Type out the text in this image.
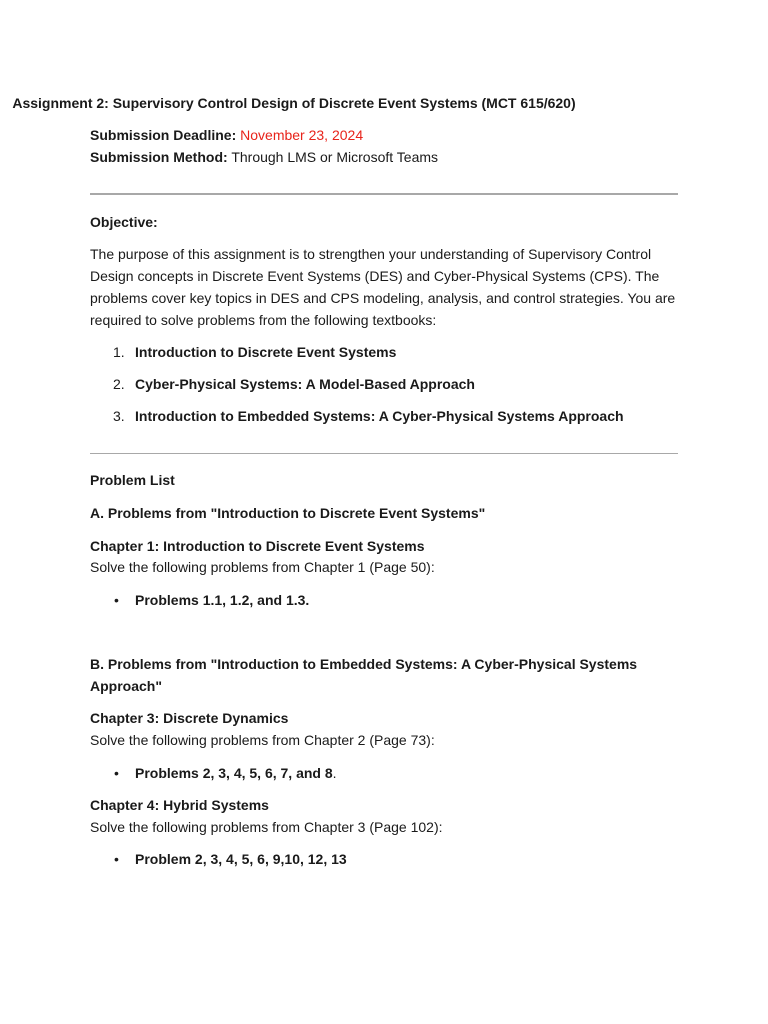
Assignment 2: Supervisory Control Design of Discrete Event Systems (MCT 615/620)
Submission Deadline: November 23, 2024
Submission Method: Through LMS or Microsoft Teams
Objective:
The purpose of this assignment is to strengthen your understanding of Supervisory Control Design concepts in Discrete Event Systems (DES) and Cyber-Physical Systems (CPS). The problems cover key topics in DES and CPS modeling, analysis, and control strategies. You are required to solve problems from the following textbooks:
1. Introduction to Discrete Event Systems
2. Cyber-Physical Systems: A Model-Based Approach
3. Introduction to Embedded Systems: A Cyber-Physical Systems Approach
Problem List
A. Problems from "Introduction to Discrete Event Systems"
Chapter 1: Introduction to Discrete Event Systems
Solve the following problems from Chapter 1 (Page 50):
• Problems 1.1, 1.2, and 1.3.
B. Problems from "Introduction to Embedded Systems: A Cyber-Physical Systems
Approach"
Chapter 3: Discrete Dynamics
Solve the following problems from Chapter 2 (Page 73):
• Problems 2, 3, 4, 5, 6, 7, and 8.
Chapter 4: Hybrid Systems
Solve the following problems from Chapter 3 (Page 102):
• Problem 2, 3, 4, 5, 6, 9,10, 12, 13
